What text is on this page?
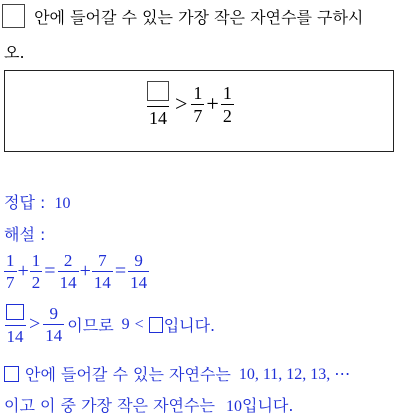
안에 들어갈 수 있는 가장 작은 자연수를 구하시
오.
14
> $\frac{1}{7} + \frac{1}{2}$
정답 : 10
해설 :
$\frac{1}{7} + \frac{1}{2} = \frac{2}{14} + \frac{7}{14} = \frac{9}{14}$
14
> $\frac{9}{14}$ 이므로 9 < 입니다.
안에 들어갈 수 있는 자연수는 10, 11, 12, 13, ⋯
이고 이 중 가장 작은 자연수는 10입니다.
